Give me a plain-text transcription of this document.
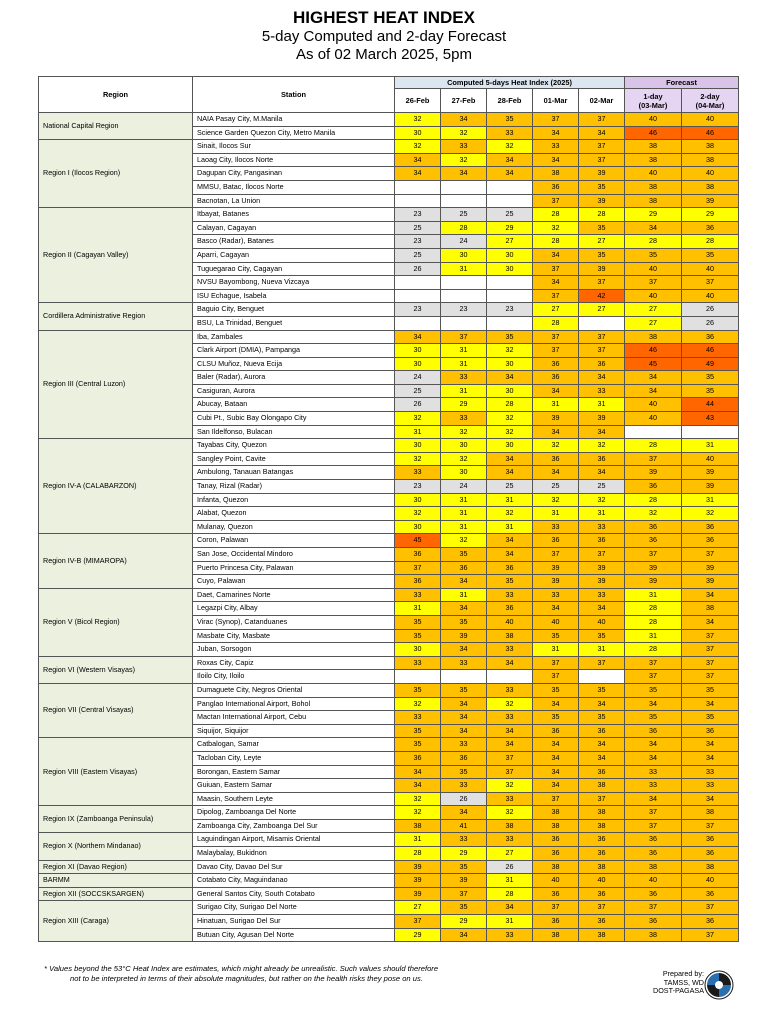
HIGHEST HEAT INDEX
5-day Computed and 2-day Forecast
As of 02 March 2025, 5pm
Region	Station	Computed 5-days Heat Index (2025)					Forecast	
		26-Feb	27-Feb	28-Feb	01-Mar	02-Mar	1-day
(03-Mar)	2-day
(04-Mar)
National Capital Region	NAIA Pasay City, M.Manila	32	34	35	37	37	40	40
	Science Garden Quezon City, Metro Manila	30	32	33	34	34	46	46
Region I (Ilocos Region)	Sinait, Ilocos Sur	32	33	32	33	37	38	38
	Laoag City, Ilocos Norte	34	32	34	34	37	38	38
	Dagupan City, Pangasinan	34	34	34	38	39	40	40
	MMSU, Batac, Ilocos Norte				36	35	38	38
	Bacnotan, La Union				37	39	38	39
Region II (Cagayan Valley)	Itbayat, Batanes	23	25	25	28	28	29	29
	Calayan, Cagayan	25	28	29	32	35	34	36
	Basco (Radar), Batanes	23	24	27	28	27	28	28
	Aparri, Cagayan	25	30	30	34	35	35	35
	Tuguegarao City, Cagayan	26	31	30	37	39	40	40
	NVSU Bayombong, Nueva Vizcaya				34	37	37	37
	ISU Echague, Isabela				37	42	40	40
Cordillera Administrative Region	Baguio City, Benguet	23	23	23	27	27	27	26
	BSU, La Trinidad, Benguet				28		27	26
Region III (Central Luzon)	Iba, Zambales	34	37	35	37	37	38	36
	Clark Airport (DMIA), Pampanga	30	31	32	37	37	46	46
	CLSU Muñoz, Nueva Ecija	30	31	30	36	36	45	49
	Baler (Radar), Aurora	24	33	34	36	34	34	35
	Casiguran, Aurora	25	31	30	34	33	34	35
	Abucay, Bataan	26	29	28	31	31	40	44
	Cubi Pt., Subic Bay Olongapo City	32	33	32	39	39	40	43
	San Ildelfonso, Bulacan	31	32	32	34	34		
Region IV-A (CALABARZON)	Tayabas City, Quezon	30	30	30	32	32	28	31
	Sangley Point, Cavite	32	32	34	36	36	37	40
	Ambulong, Tanauan Batangas	33	30	34	34	34	39	39
	Tanay, Rizal (Radar)	23	24	25	25	25	36	39
	Infanta, Quezon	30	31	31	32	32	28	31
	Alabat, Quezon	32	31	32	31	31	32	32
	Mulanay, Quezon	30	31	31	33	33	36	36
Region IV-B (MIMAROPA)	Coron, Palawan	45	32	34	36	36	36	36
	San Jose, Occidental Mindoro	36	35	34	37	37	37	37
	Puerto Princesa City, Palawan	37	36	36	39	39	39	39
	Cuyo, Palawan	36	34	35	39	39	39	39
Region V (Bicol Region)	Daet, Camarines Norte	33	31	33	33	33	31	34
	Legazpi City, Albay	31	34	36	34	34	28	38
	Virac (Synop), Catanduanes	35	35	40	40	40	28	34
	Masbate City, Masbate	35	39	38	35	35	31	37
	Juban, Sorsogon	30	34	33	31	31	28	37
Region VI (Western Visayas)	Roxas City, Capiz	33	33	34	37	37	37	37
	Iloilo City, Iloilo				37		37	37
Region VII (Central Visayas)	Dumaguete City, Negros Oriental	35	35	33	35	35	35	35
	Panglao International Airport, Bohol	32	34	32	34	34	34	34
	Mactan International Airport, Cebu	33	34	33	35	35	35	35
	Siquijor, Siquijor	35	34	34	36	36	36	36
Region VIII (Eastern Visayas)	Catbalogan, Samar	35	33	34	34	34	34	34
	Tacloban City, Leyte	36	36	37	34	34	34	34
	Borongan, Eastern Samar	34	35	37	34	36	33	33
	Guiuan, Eastern Samar	34	33	32	34	38	33	33
	Maasin, Southern Leyte	32	26	33	37	37	34	34
Region IX (Zamboanga Peninsula)	Dipolog, Zamboanga Del Norte	32	34	32	38	38	37	38
	Zamboanga City, Zamboanga Del Sur	38	41	38	38	38	37	37
Region X (Northern Mindanao)	Laguindingan Airport, Misamis Oriental	31	33	33	36	36	36	36
	Malaybalay, Bukidnon	28	29	27	36	36	36	36
Region XI (Davao Region)	Davao City, Davao Del Sur	39	35	26	38	38	38	38
BARMM	Cotabato City, Maguindanao	39	39	31	40	40	40	40
Region XII (SOCCSKSARGEN)	General Santos City, South Cotabato	39	37	28	36	36	36	36
Region XIII (Caraga)	Surigao City, Surigao Del Norte	27	35	34	37	37	37	37
	Hinatuan, Surigao Del Sur	37	29	31	36	36	36	36
	Butuan City, Agusan Del Norte	29	34	33	38	38	38	37
* Values beyond the 53°C Heat Index are estimates, which might already be unrealistic. Such values should therefore
not to be interpreted in terms of their absolute magnitudes, but rather on the health risks they pose on us.
Prepared by:
TAMSS, WD
DOST-PAGASA
